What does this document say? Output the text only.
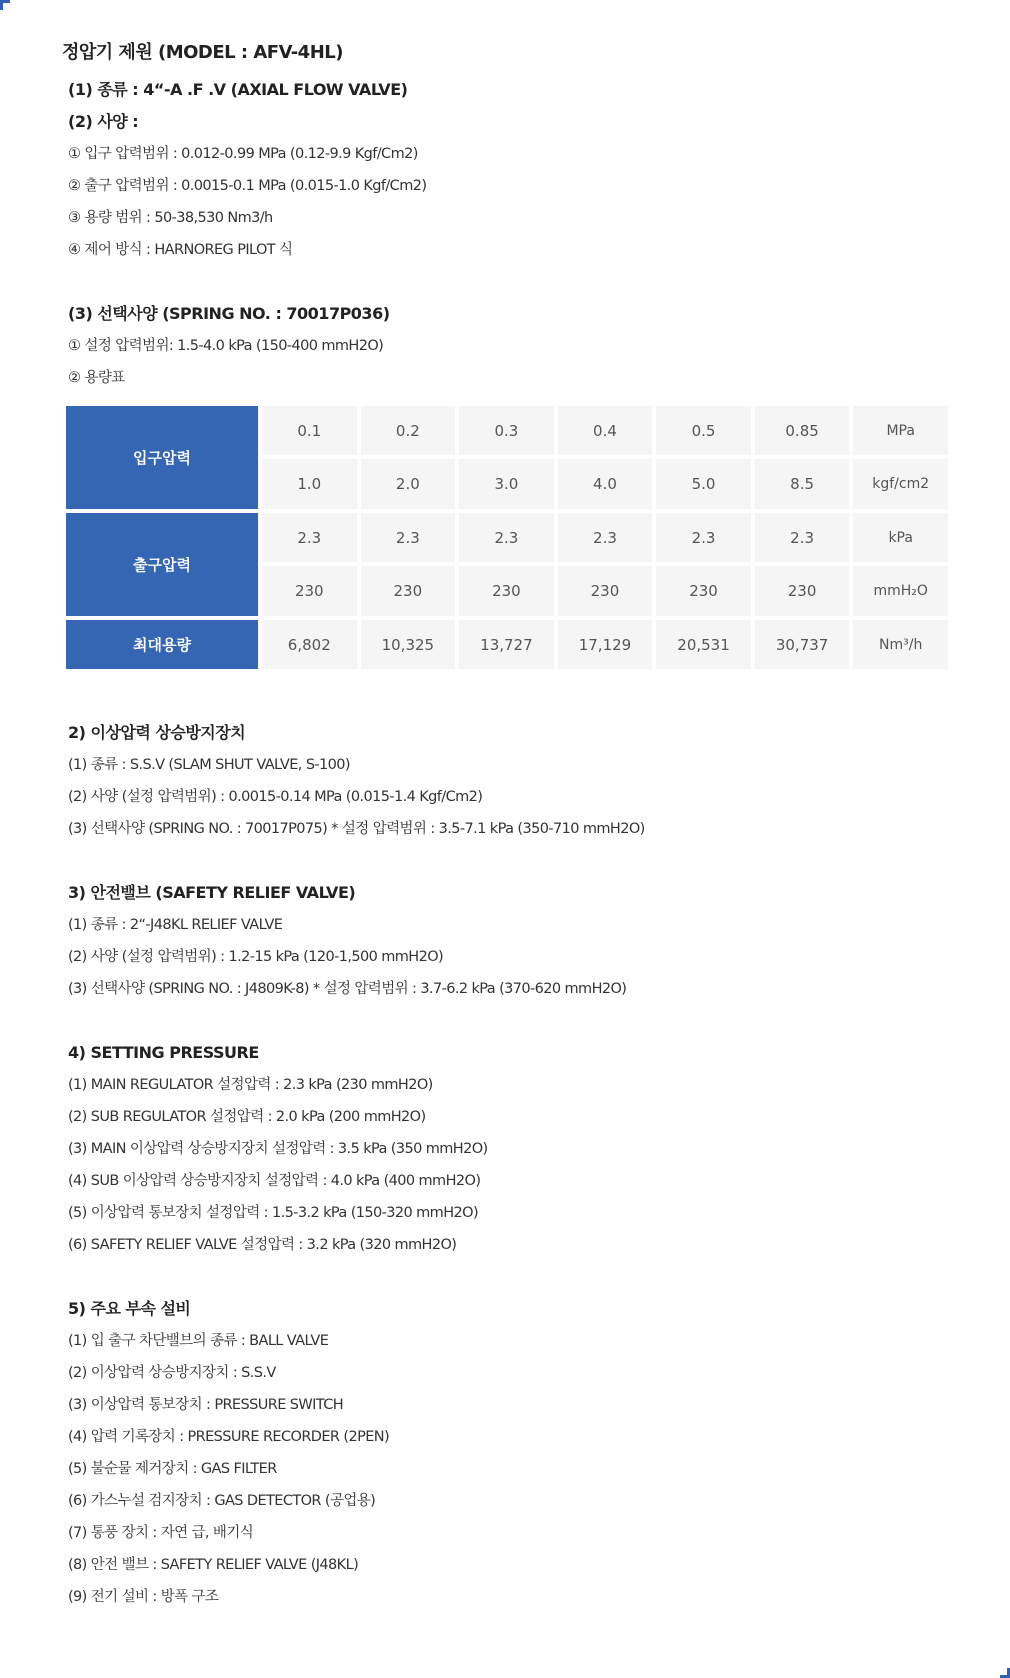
정압기 제원 (MODEL : AFV-4HL)
(1) 종류 : 4“-A .F .V (AXIAL FLOW VALVE)
(2) 사양 :
① 입구 압력범위 : 0.012-0.99 MPa (0.12-9.9 Kgf/Cm2)
② 출구 압력범위 : 0.0015-0.1 MPa (0.015-1.0 Kgf/Cm2)
③ 용량 범위 : 50-38,530 Nm3/h
④ 제어 방식 : HARNOREG PILOT 식
(3) 선택사양 (SPRING NO. : 70017P036)
① 설정 압력범위: 1.5-4.0 kPa (150-400 mmH2O)
② 용량표
입구압력	0.1	0.2	0.3	0.4	0.5	0.85	MPa
	1.0	2.0	3.0	4.0	5.0	8.5	kgf/cm2
출구압력	2.3	2.3	2.3	2.3	2.3	2.3	kPa
	230	230	230	230	230	230	mmH₂O
최대용량	6,802	10,325	13,727	17,129	20,531	30,737	Nm³/h
2) 이상압력 상승방지장치
(1) 종류 : S.S.V (SLAM SHUT VALVE, S-100)
(2) 사양 (설정 압력범위) : 0.0015-0.14 MPa (0.015-1.4 Kgf/Cm2)
(3) 선택사양 (SPRING NO. : 70017P075) * 설정 압력범위 : 3.5-7.1 kPa (350-710 mmH2O)
3) 안전밸브 (SAFETY RELIEF VALVE)
(1) 종류 : 2“-J48KL RELIEF VALVE
(2) 사양 (설정 압력범위) : 1.2-15 kPa (120-1,500 mmH2O)
(3) 선택사양 (SPRING NO. : J4809K-8) * 설정 압력범위 : 3.7-6.2 kPa (370-620 mmH2O)
4) SETTING PRESSURE
(1) MAIN REGULATOR 설정압력 : 2.3 kPa (230 mmH2O)
(2) SUB REGULATOR 설정압력 : 2.0 kPa (200 mmH2O)
(3) MAIN 이상압력 상승방지장치 설정압력 : 3.5 kPa (350 mmH2O)
(4) SUB 이상압력 상승방지장치 설정압력 : 4.0 kPa (400 mmH2O)
(5) 이상압력 통보장치 설정압력 : 1.5-3.2 kPa (150-320 mmH2O)
(6) SAFETY RELIEF VALVE 설정압력 : 3.2 kPa (320 mmH2O)
5) 주요 부속 설비
(1) 입 출구 차단밸브의 종류 : BALL VALVE
(2) 이상압력 상승방지장치 : S.S.V
(3) 이상압력 통보장치 : PRESSURE SWITCH
(4) 압력 기록장치 : PRESSURE RECORDER (2PEN)
(5) 불순물 제거장치 : GAS FILTER
(6) 가스누설 검지장치 : GAS DETECTOR (공업용)
(7) 통풍 장치 : 자연 급, 배기식
(8) 안전 밸브 : SAFETY RELIEF VALVE (J48KL)
(9) 전기 설비 : 방폭 구조
